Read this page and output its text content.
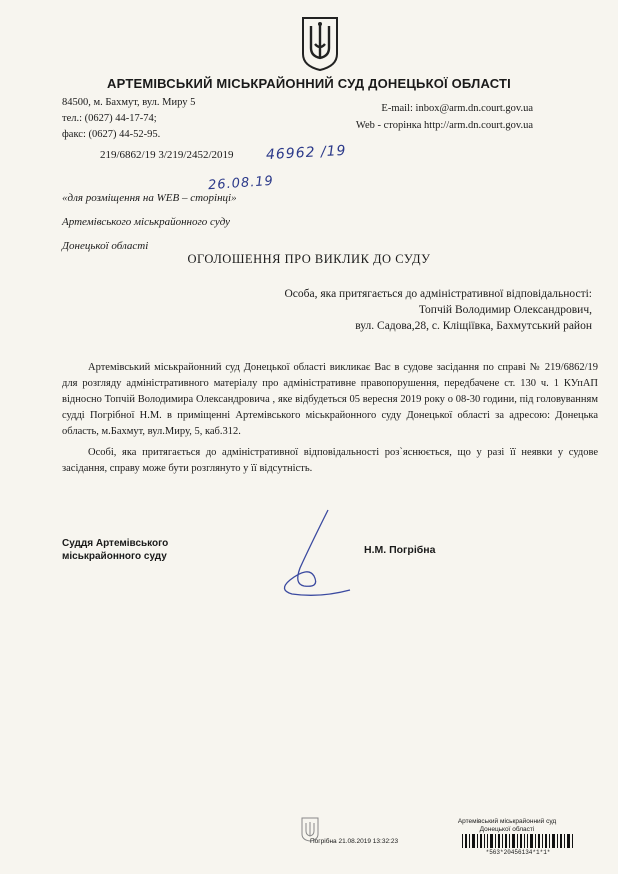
АРТЕМІВСЬКИЙ МІСЬКРАЙОННИЙ СУД ДОНЕЦЬКОЇ ОБЛАСТІ
84500, м. Бахмут, вул. Миру 5
тел.: (0627) 44-17-74;
факс: (0627) 44-52-95.
E-mail: inbox@arm.dn.court.gov.ua
Web - сторінка http://arm.dn.court.gov.ua
219/6862/19 3/219/2452/2019 46962 /19
26.08.19
«для розміщення на WEB – сторінці»
Артемівського міськрайонного суду
Донецької області
ОГОЛОШЕННЯ ПРО ВИКЛИК ДО СУДУ
Особа, яка притягається до адміністративної відповідальності:
Топчій Володимир Олександрович,
вул. Садова,28, с. Кліщіївка, Бахмутський район
Артемівський міськрайонний суд Донецької області викликає Вас в судове засідання по справі № 219/6862/19 для розгляду адміністративного матеріалу про адміністративне правопорушення, передбачене ст. 130 ч. 1 КУпАП відносно Топчій Володимира Олександровича , яке відбудеться 05 вересня 2019 року о 08-30 години, під головуванням судді Погрібної Н.М. в приміщенні Артемівського міськрайонного суду Донецької області за адресою: Донецька область, м.Бахмут, вул.Миру, 5, каб.312.
Особі, яка притягається до адміністративної відповідальності роз`яснюється, що у разі її неявки у судове засідання, справу може бути розглянуто у її відсутність.
Суддя Артемівського
міськрайонного суду
Н.М. Погрібна
Артемівський міськрайонний суд
Донецької області
Погрібна 21.08.2019 13:32:23
*563*20456134*1*1*
